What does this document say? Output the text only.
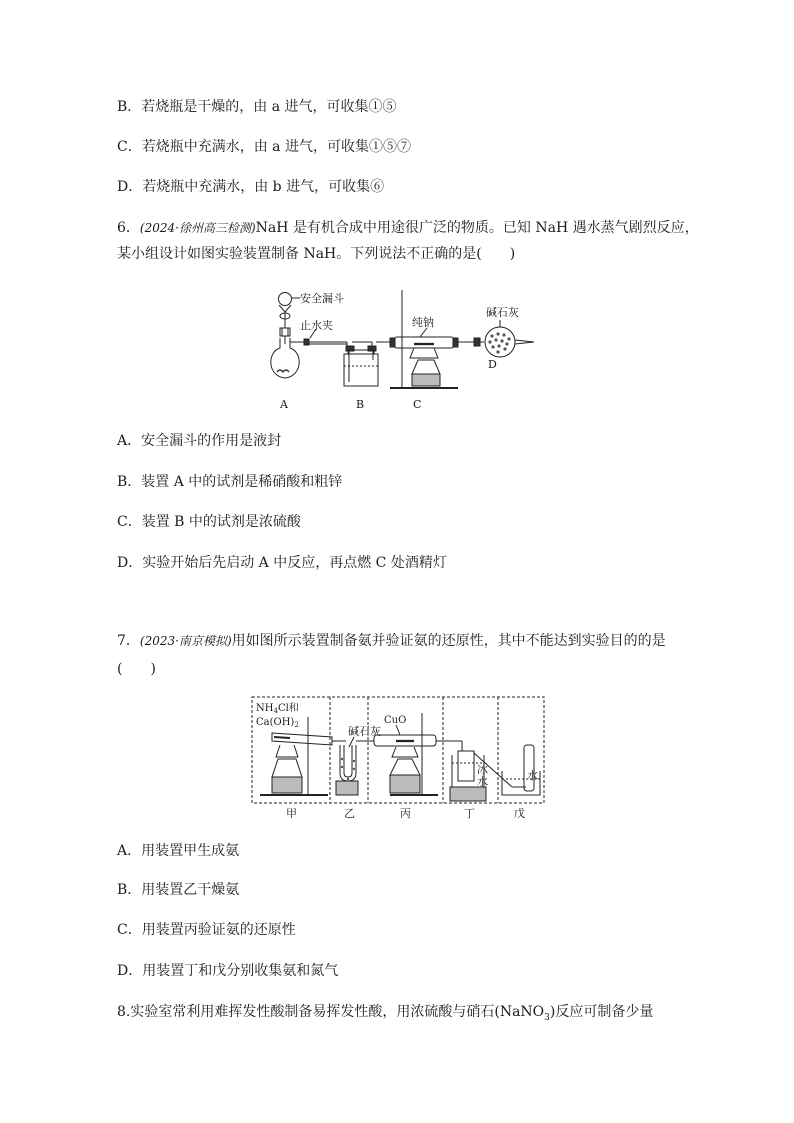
B．若烧瓶是干燥的，由 a 进气，可收集①⑤
C．若烧瓶中充满水，由 a 进气，可收集①⑤⑦
D．若烧瓶中充满水，由 b 进气，可收集⑥
6．(2024·徐州高三检测)NaH 是有机合成中用途很广泛的物质。已知 NaH 遇水蒸气剧烈反应，
某小组设计如图实验装置制备 NaH。下列说法不正确的是(　　)
安全漏斗
止水夹	纯钠
碱石灰
A	B	C
D
A．安全漏斗的作用是液封
B．装置 A 中的试剂是稀硝酸和粗锌
C．装置 B 中的试剂是浓硫酸
D．实验开始后先启动 A 中反应，再点燃 C 处酒精灯
7．(2023·南京模拟)用如图所示装置制备氨并验证氨的还原性，其中不能达到实验目的的是
(　　)
$NH_4Cl$和
$Ca(OH)_2$	碱石灰
CuO
冰
水	水
甲	乙	丙	丁	戊
A．用装置甲生成氨
B．用装置乙干燥氨
C．用装置丙验证氨的还原性
D．用装置丁和戊分别收集氨和氮气
8.实验室常利用难挥发性酸制备易挥发性酸，用浓硫酸与硝石(NaNO$_3$)反应可制备少量
